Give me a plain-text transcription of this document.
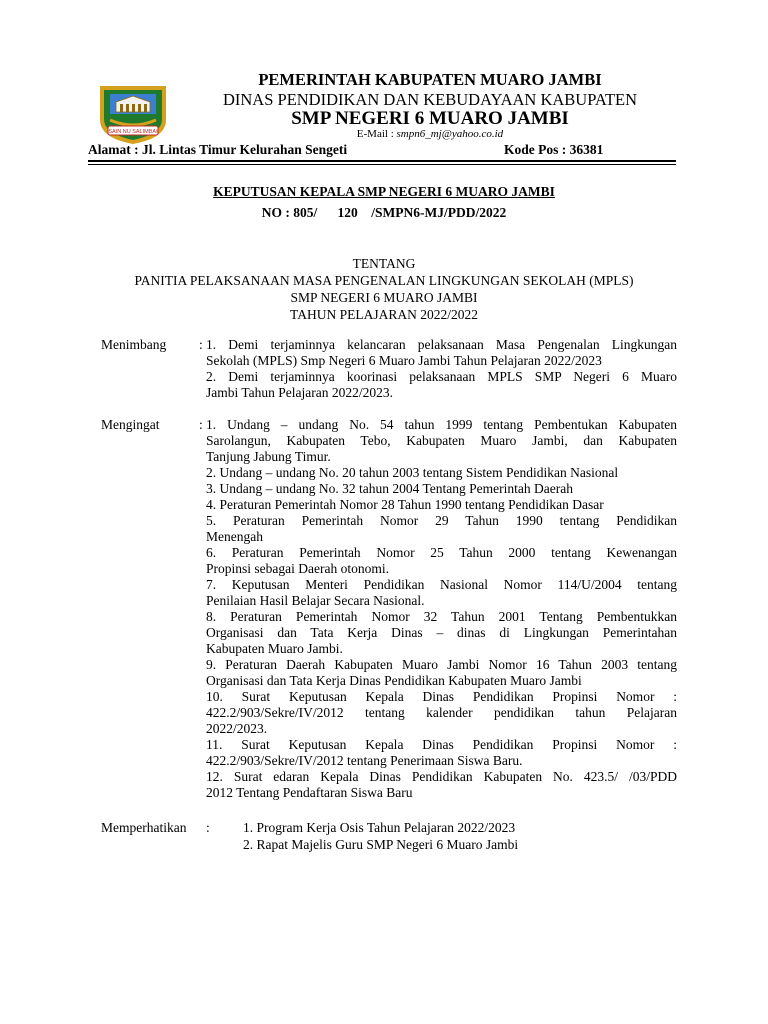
SAIN NU SALIMBAI
PEMERINTAH KABUPATEN MUARO JAMBI
DINAS PENDIDIKAN DAN KEBUDAYAAN KABUPATEN
SMP NEGERI 6 MUARO JAMBI
E-Mail : smpn6_mj@yahoo.co.id
Alamat : Jl. Lintas Timur Kelurahan Sengeti	Kode Pos : 36381
KEPUTUSAN KEPALA SMP NEGERI 6 MUARO JAMBI
NO : 805/      120    /SMPN6-MJ/PDD/2022
TENTANG
PANITIA PELAKSANAAN MASA PENGENALAN LINGKUNGAN SEKOLAH (MPLS)
SMP NEGERI 6 MUARO JAMBI
TAHUN PELAJARAN 2022/2022
Menimbang : 1. Demi terjaminnya kelancaran pelaksanaan Masa Pengenalan Lingkungan
Sekolah (MPLS) Smp Negeri 6 Muaro Jambi Tahun Pelajaran 2022/2023
2. Demi terjaminnya koorinasi pelaksanaan MPLS SMP Negeri 6 Muaro
Jambi Tahun Pelajaran 2022/2023.
Mengingat	: 1. Undang – undang No. 54 tahun 1999 tentang Pembentukan Kabupaten
Sarolangun, Kabupaten Tebo, Kabupaten Muaro Jambi, dan Kabupaten
Tanjung Jabung Timur.
2. Undang – undang No. 20 tahun 2003 tentang Sistem Pendidikan Nasional
3. Undang – undang No. 32 tahun 2004 Tentang Pemerintah Daerah
4. Peraturan Pemerintah Nomor 28 Tahun 1990 tentang Pendidikan Dasar
5. Peraturan Pemerintah Nomor 29 Tahun 1990 tentang Pendidikan
Menengah
6. Peraturan Pemerintah Nomor 25 Tahun 2000 tentang Kewenangan
Propinsi sebagai Daerah otonomi.
7. Keputusan Menteri Pendidikan Nasional Nomor 114/U/2004 tentang
Penilaian Hasil Belajar Secara Nasional.
8. Peraturan Pemerintah Nomor 32 Tahun 2001 Tentang Pembentukkan
Organisasi dan Tata Kerja Dinas – dinas di Lingkungan Pemerintahan
Kabupaten Muaro Jambi.
9. Peraturan Daerah Kabupaten Muaro Jambi Nomor 16 Tahun 2003 tentang
Organisasi dan Tata Kerja Dinas Pendidikan Kabupaten Muaro Jambi
10. Surat Keputusan Kepala Dinas Pendidikan Propinsi Nomor :
422.2/903/Sekre/IV/2012 tentang kalender pendidikan tahun Pelajaran
2022/2023.
11. Surat Keputusan Kepala Dinas Pendidikan Propinsi Nomor :
422.2/903/Sekre/IV/2012 tentang Penerimaan Siswa Baru.
12. Surat edaran Kepala Dinas Pendidikan Kabupaten No. 423.5/ /03/PDD
2012 Tentang Pendaftaran Siswa Baru
Memperhatikan : 1. Program Kerja Osis Tahun Pelajaran 2022/2023
2. Rapat Majelis Guru SMP Negeri 6 Muaro Jambi
